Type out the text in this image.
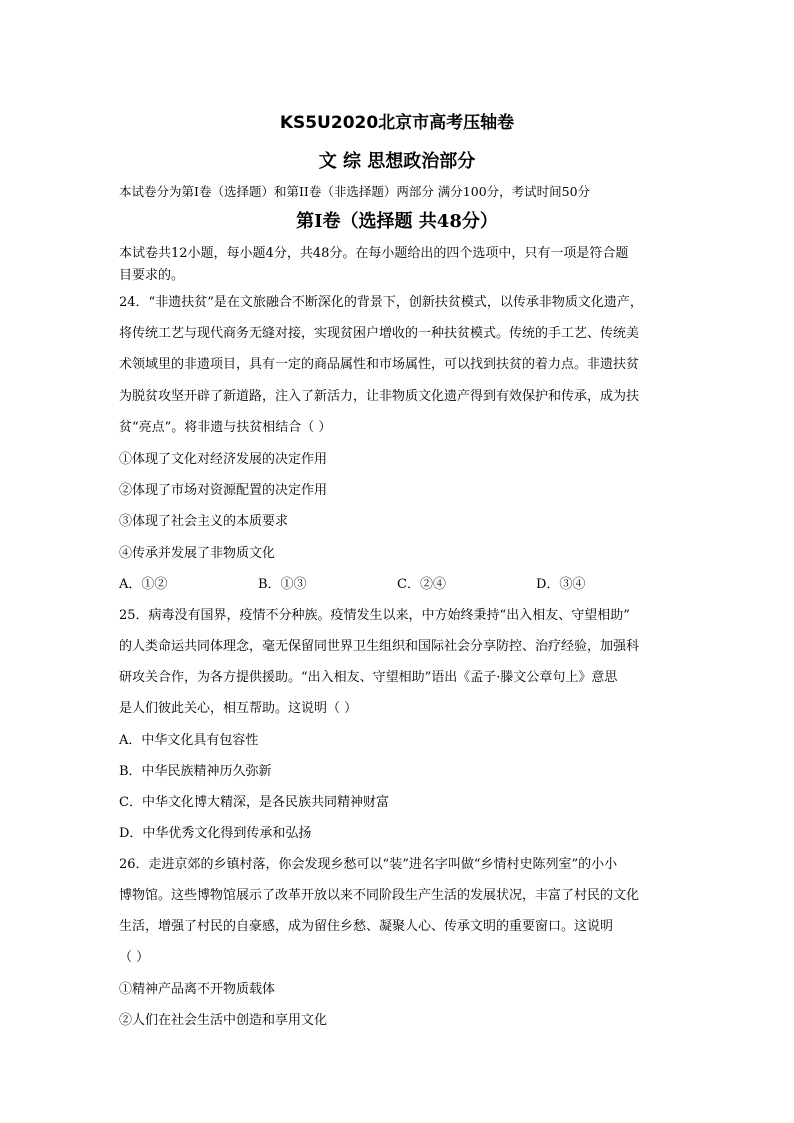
KS5U2020北京市高考压轴卷
文 综 思想政治部分
本试卷分为第I卷（选择题）和第II卷（非选择题）两部分 满分100分，考试时间50分
第I卷（选择题 共48分）
本试卷共12小题，每小题4分，共48分。在每小题给出的四个选项中，只有一项是符合题
目要求的。
24．“非遗扶贫”是在文旅融合不断深化的背景下，创新扶贫模式，以传承非物质文化遗产，
将传统工艺与现代商务无缝对接，实现贫困户增收的一种扶贫模式。传统的手工艺、传统美
术领域里的非遗项目，具有一定的商品属性和市场属性，可以找到扶贫的着力点。非遗扶贫
为脱贫攻坚开辟了新道路，注入了新活力，让非物质文化遗产得到有效保护和传承，成为扶
贫“亮点”。将非遗与扶贫相结合（ ）
①体现了文化对经济发展的决定作用
②体现了市场对资源配置的决定作用
③体现了社会主义的本质要求
④传承并发展了非物质文化
A．①②	B．①③	C．②④	D．③④
25．病毒没有国界，疫情不分种族。疫情发生以来，中方始终秉持“出入相友、守望相助”
的人类命运共同体理念，毫无保留同世界卫生组织和国际社会分享防控、治疗经验，加强科
研攻关合作，为各方提供援助。“出入相友、守望相助”语出《孟子·滕文公章句上》意思
是人们彼此关心，相互帮助。这说明（ ）
A．中华文化具有包容性
B．中华民族精神历久弥新
C．中华文化博大精深，是各民族共同精神财富
D．中华优秀文化得到传承和弘扬
26．走进京郊的乡镇村落，你会发现乡愁可以“装”进名字叫做“乡情村史陈列室”的小小
博物馆。这些博物馆展示了改革开放以来不同阶段生产生活的发展状况，丰富了村民的文化
生活，增强了村民的自豪感，成为留住乡愁、凝聚人心、传承文明的重要窗口。这说明
（ ）
①精神产品离不开物质载体
②人们在社会生活中创造和享用文化
